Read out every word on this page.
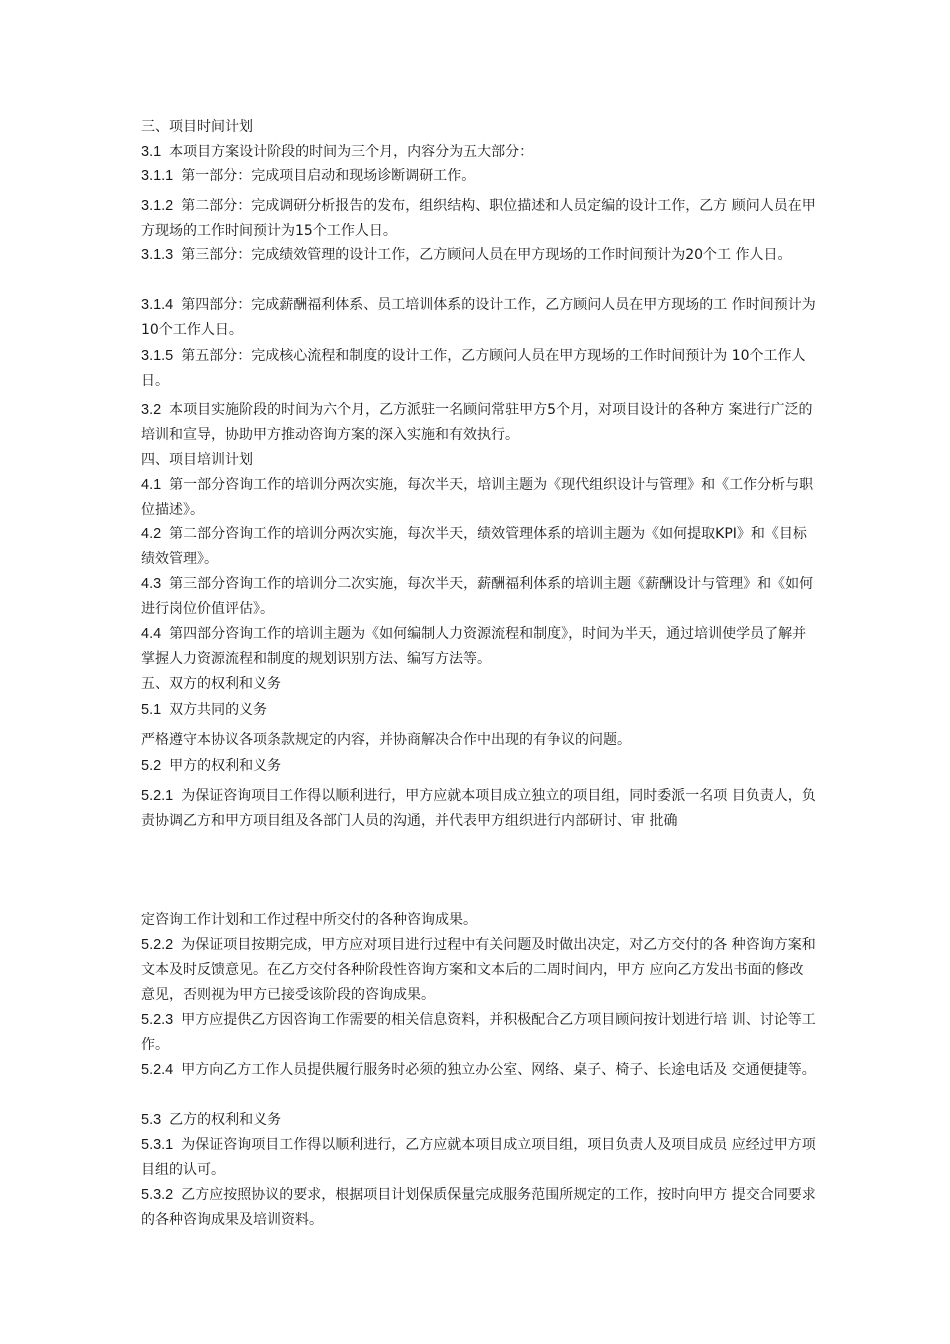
三、项目时间计划

3.1 本项目方案设计阶段的时间为三个月，内容分为五大部分：

3.1.1 第一部分：完成项目启动和现场诊断调研工作。

3.1.2 第二部分：完成调研分析报告的发布，组织结构、职位描述和人员定编的设计工作，乙方 顾问人员在甲方现场的工作时间预计为15个工作人日。

3.1.3 第三部分：完成绩效管理的设计工作，乙方顾问人员在甲方现场的工作时间预计为20个工 作人日。

3.1.4 第四部分：完成薪酬福利体系、员工培训体系的设计工作，乙方顾问人员在甲方现场的工 作时间预计为10个工作人日。

3.1.5 第五部分：完成核心流程和制度的设计工作，乙方顾问人员在甲方现场的工作时间预计为 10个工作人日。

3.2 本项目实施阶段的时间为六个月，乙方派驻一名顾问常驻甲方5个月，对项目设计的各种方 案进行广泛的培训和宣导，协助甲方推动咨询方案的深入实施和有效执行。

四、项目培训计划

4.1 第一部分咨询工作的培训分两次实施，每次半天，培训主题为《现代组织设计与管理》和《工作分析与职位描述》。

4.2 第二部分咨询工作的培训分两次实施，每次半天，绩效管理体系的培训主题为《如何提取KPI》和《目标绩效管理》。

4.3 第三部分咨询工作的培训分二次实施，每次半天，薪酬福利体系的培训主题《薪酬设计与管理》和《如何进行岗位价值评估》。

4.4 第四部分咨询工作的培训主题为《如何编制人力资源流程和制度》，时间为半天，通过培训使学员了解并掌握人力资源流程和制度的规划识别方法、编写方法等。

五、双方的权利和义务

5.1 双方共同的义务

严格遵守本协议各项条款规定的内容，并协商解决合作中出现的有争议的问题。

5.2 甲方的权利和义务

5.2.1 为保证咨询项目工作得以顺利进行，甲方应就本项目成立独立的项目组，同时委派一名项 目负责人，负责协调乙方和甲方项目组及各部门人员的沟通，并代表甲方组织进行内部研讨、审 批确

定咨询工作计划和工作过程中所交付的各种咨询成果。

5.2.2 为保证项目按期完成，甲方应对项目进行过程中有关问题及时做出决定，对乙方交付的各 种咨询方案和文本及时反馈意见。在乙方交付各种阶段性咨询方案和文本后的二周时间内，甲方 应向乙方发出书面的修改意见，否则视为甲方已接受该阶段的咨询成果。

5.2.3 甲方应提供乙方因咨询工作需要的相关信息资料，并积极配合乙方项目顾问按计划进行培 训、讨论等工作。

5.2.4 甲方向乙方工作人员提供履行服务时必须的独立办公室、网络、桌子、椅子、长途电话及 交通便捷等。

5.3 乙方的权利和义务

5.3.1 为保证咨询项目工作得以顺利进行，乙方应就本项目成立项目组，项目负责人及项目成员 应经过甲方项目组的认可。

5.3.2 乙方应按照协议的要求，根据项目计划保质保量完成服务范围所规定的工作，按时向甲方 提交合同要求的各种咨询成果及培训资料。
